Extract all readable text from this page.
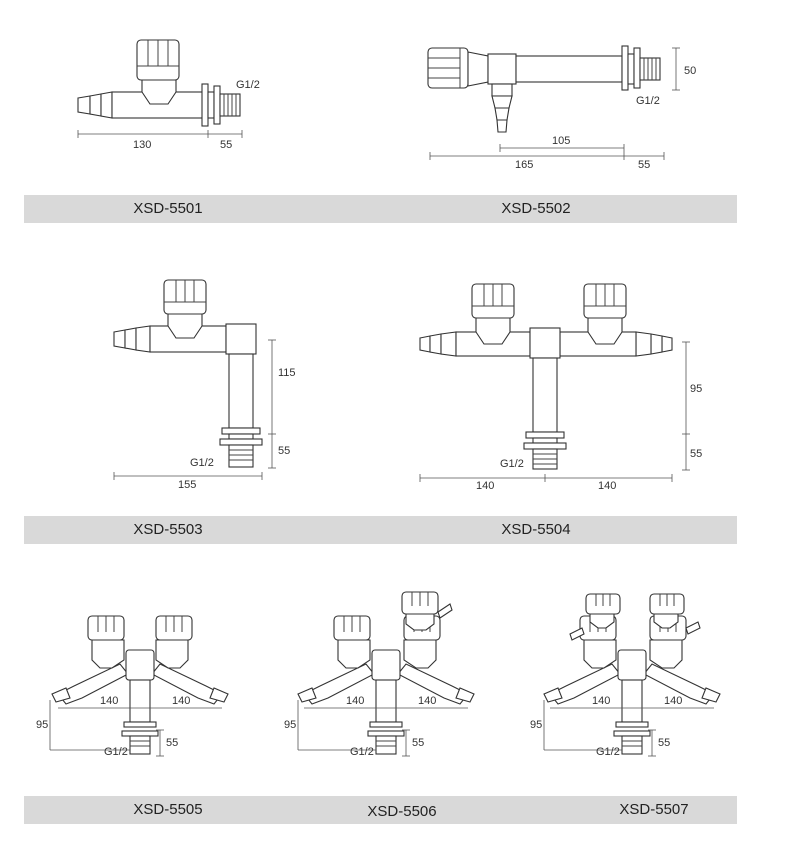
130	55
G1/2
50
105
165	55
G1/2
115
55
155
G1/2
95
55
140	140
G1/2
140	140
95
55
G1/2
140	140
95
55
G1/2
140	140
95
55
G1/2
XSD-5501	XSD-5502
XSD-5503	XSD-5504
XSD-5505	XSD-5506	XSD-5507
